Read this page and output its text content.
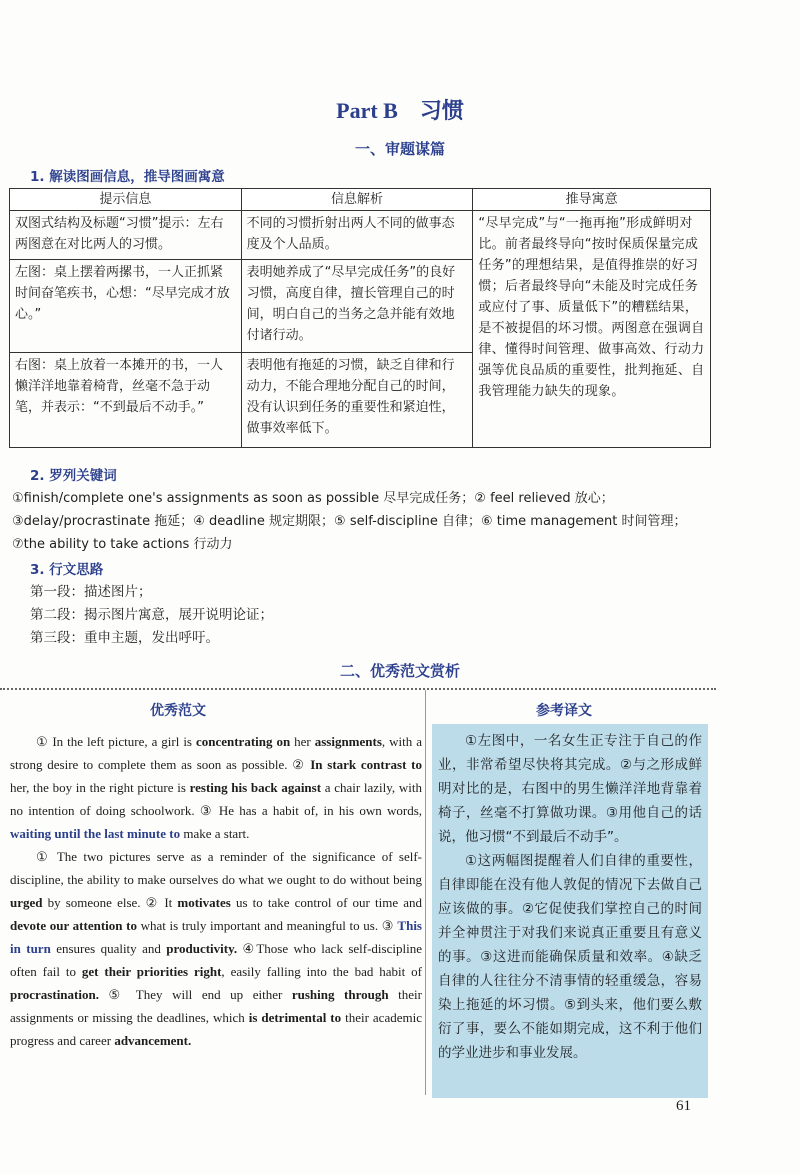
Part B　习惯
一、审题谋篇
1. 解读图画信息，推导图画寓意
提示信息	信息解析	推导寓意
双图式结构及标题“习惯”提示：左右两图意在对比两人的习惯。	不同的习惯折射出两人不同的做事态度及个人品质。	“尽早完成”与“一拖再拖”形成鲜明对比。前者最终导向“按时保质保量完成任务”的理想结果，是值得推崇的好习惯；后者最终导向“未能及时完成任务或应付了事、质量低下”的糟糕结果，是不被提倡的坏习惯。两图意在强调自律、懂得时间管理、做事高效、行动力强等优良品质的重要性，批判拖延、自我管理能力缺失的现象。
左图：桌上摆着两摞书，一人正抓紧时间奋笔疾书，心想：“尽早完成才放心。”	表明她养成了“尽早完成任务”的良好习惯，高度自律，擅长管理自己的时间，明白自己的当务之急并能有效地付诸行动。	
右图：桌上放着一本摊开的书，一人懒洋洋地靠着椅背，丝毫不急于动笔，并表示：“不到最后不动手。”	表明他有拖延的习惯，缺乏自律和行动力，不能合理地分配自己的时间，没有认识到任务的重要性和紧迫性，做事效率低下。	
2. 罗列关键词
①finish/complete one's assignments as soon as possible 尽早完成任务；② feel relieved 放心；
③delay/procrastinate 拖延；④ deadline 规定期限；⑤ self-discipline 自律；⑥ time management 时间管理；
⑦the ability to take actions 行动力
3. 行文思路
第一段：描述图片；
第二段：揭示图片寓意，展开说明论证；
第三段：重申主题，发出呼吁。
二、优秀范文赏析
优秀范文	参考译文

① In the left picture, a girl is concentrating on her assignments, with a strong desire to complete them as soon as possible. ② In stark contrast to her, the boy in the right picture is resting his back against a chair lazily, with no intention of doing schoolwork. ③ He has a habit of, in his own words, waiting until the last minute to make a start.

① The two pictures serve as a reminder of the significance of self-discipline, the ability to make ourselves do what we ought to do without being urged by someone else. ② It motivates us to take control of our time and devote our attention to what is truly important and meaningful to us. ③ This in turn ensures quality and productivity. ④Those who lack self-discipline often fail to get their priorities right, easily falling into the bad habit of procrastination. ⑤ They will end up either rushing through their assignments or missing the deadlines, which is detrimental to their academic progress and career advancement.

①左图中，一名女生正专注于自己的作业，非常希望尽快将其完成。②与之形成鲜明对比的是，右图中的男生懒洋洋地背靠着椅子，丝毫不打算做功课。③用他自己的话说，他习惯“不到最后不动手”。

①这两幅图提醒着人们自律的重要性，自律即能在没有他人敦促的情况下去做自己应该做的事。②它促使我们掌控自己的时间并全神贯注于对我们来说真正重要且有意义的事。③这进而能确保质量和效率。④缺乏自律的人往往分不清事情的轻重缓急，容易染上拖延的坏习惯。⑤到头来，他们要么敷衍了事，要么不能如期完成，这不利于他们的学业进步和事业发展。

61
